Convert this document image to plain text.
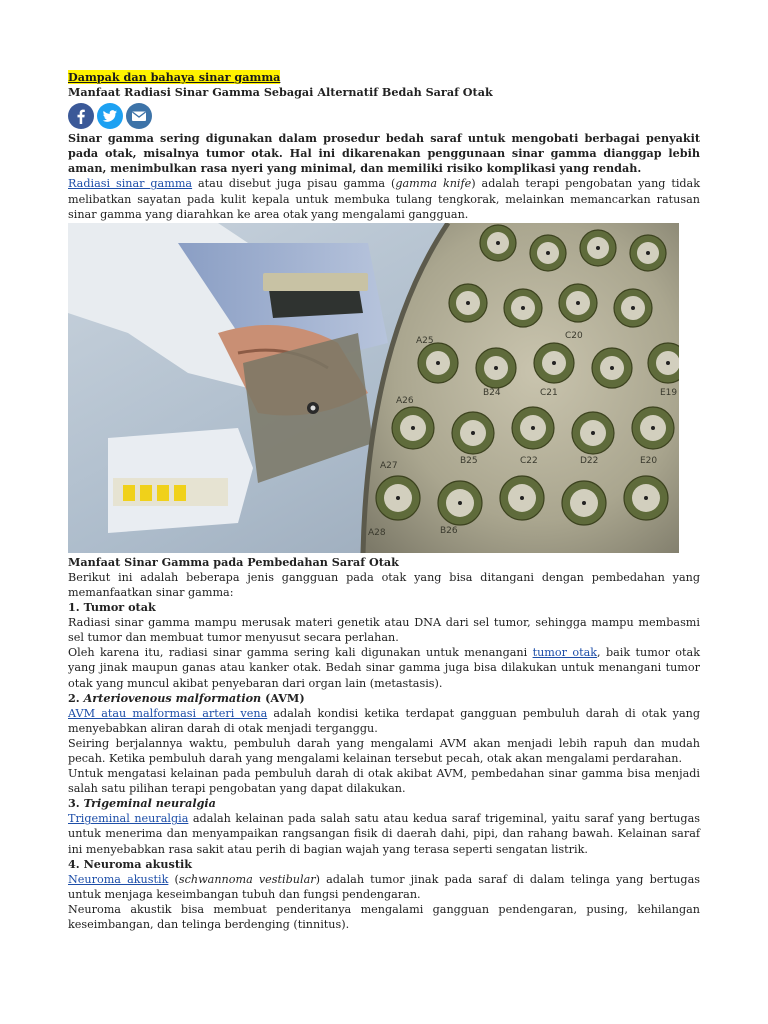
Dampak dan bahaya sinar gamma
Manfaat Radiasi Sinar Gamma Sebagai Alternatif Bedah Saraf Otak

Sinar gamma sering digunakan dalam prosedur bedah saraf untuk mengobati berbagai penyakit pada otak, misalnya tumor otak. Hal ini dikarenakan penggunaan sinar gamma dianggap lebih aman, menimbulkan rasa nyeri yang minimal, dan memiliki risiko komplikasi yang rendah.

Radiasi sinar gamma atau disebut juga pisau gamma (gamma knife) adalah terapi pengobatan yang tidak melibatkan sayatan pada kulit kepala untuk membuka tulang tengkorak, melainkan memancarkan ratusan sinar gamma yang diarahkan ke area otak yang mengalami gangguan.

A25
A26
A27
A28
B24
B25
B26
C20
C21
C22	D22
E19
E20
Manfaat Sinar Gamma pada Pembedahan Saraf Otak

Berikut ini adalah beberapa jenis gangguan pada otak yang bisa ditangani dengan pembedahan yang memanfaatkan sinar gamma:

1. Tumor otak

Radiasi sinar gamma mampu merusak materi genetik atau DNA dari sel tumor, sehingga mampu membasmi sel tumor dan membuat tumor menyusut secara perlahan.

Oleh karena itu, radiasi sinar gamma sering kali digunakan untuk menangani tumor otak, baik tumor otak yang jinak maupun ganas atau kanker otak. Bedah sinar gamma juga bisa dilakukan untuk menangani tumor otak yang muncul akibat penyebaran dari organ lain (metastasis).

2. Arteriovenous malformation (AVM)

AVM atau malformasi arteri vena adalah kondisi ketika terdapat gangguan pembuluh darah di otak yang menyebabkan aliran darah di otak menjadi terganggu.

Seiring berjalannya waktu, pembuluh darah yang mengalami AVM akan menjadi lebih rapuh dan mudah pecah. Ketika pembuluh darah yang mengalami kelainan tersebut pecah, otak akan mengalami perdarahan.

Untuk mengatasi kelainan pada pembuluh darah di otak akibat AVM, pembedahan sinar gamma bisa menjadi salah satu pilihan terapi pengobatan yang dapat dilakukan.

3. Trigeminal neuralgia

Trigeminal neuralgia adalah kelainan pada salah satu atau kedua saraf trigeminal, yaitu saraf yang bertugas untuk menerima dan menyampaikan rangsangan fisik di daerah dahi, pipi, dan rahang bawah. Kelainan saraf ini menyebabkan rasa sakit atau perih di bagian wajah yang terasa seperti sengatan listrik.

4. Neuroma akustik

Neuroma akustik (schwannoma vestibular) adalah tumor jinak pada saraf di dalam telinga yang bertugas untuk menjaga keseimbangan tubuh dan fungsi pendengaran.

Neuroma akustik bisa membuat penderitanya mengalami gangguan pendengaran, pusing, kehilangan keseimbangan, dan telinga berdenging (tinnitus).
